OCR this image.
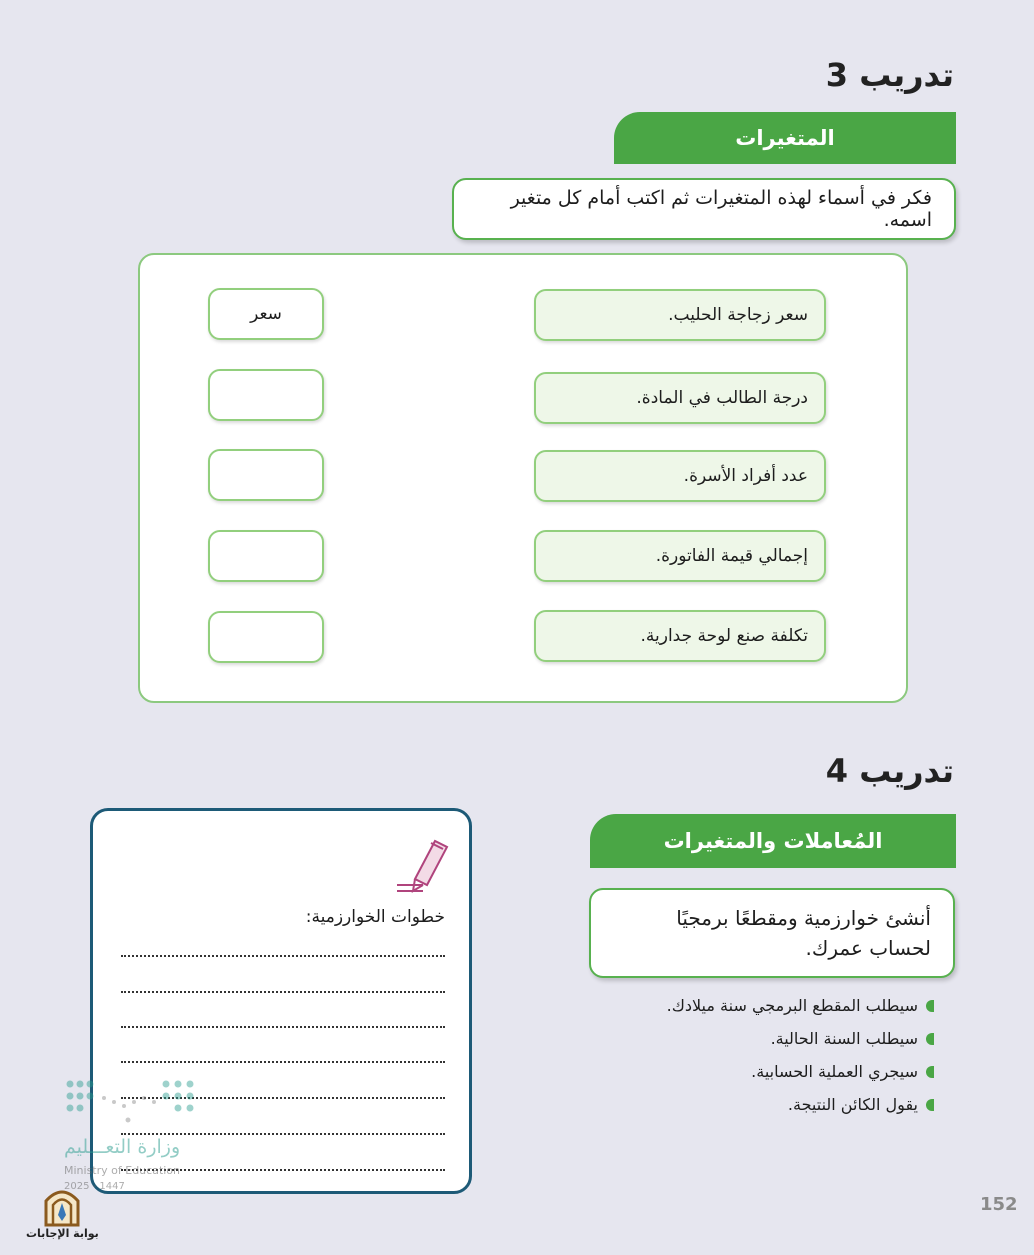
تدريب 3
المتغيرات
فكر في أسماء لهذه المتغيرات ثم اكتب أمام كل متغير اسمه.
سعر زجاجة الحليب.
سعر
درجة الطالب في المادة.
عدد أفراد الأسرة.
إجمالي قيمة الفاتورة.
تكلفة صنع لوحة جدارية.
تدريب 4
المُعاملات والمتغيرات
أنشئ خوارزمية ومقطعًا برمجيًا لحساب عمرك.
سيطلب المقطع البرمجي سنة ميلادك.
سيطلب السنة الحالية.
سيجري العملية الحسابية.
يقول الكائن النتيجة.
خطوات الخوارزمية:
وزارة التعـــليم
Ministry of Education
2025 - 1447
بوابة الإجابات
152
